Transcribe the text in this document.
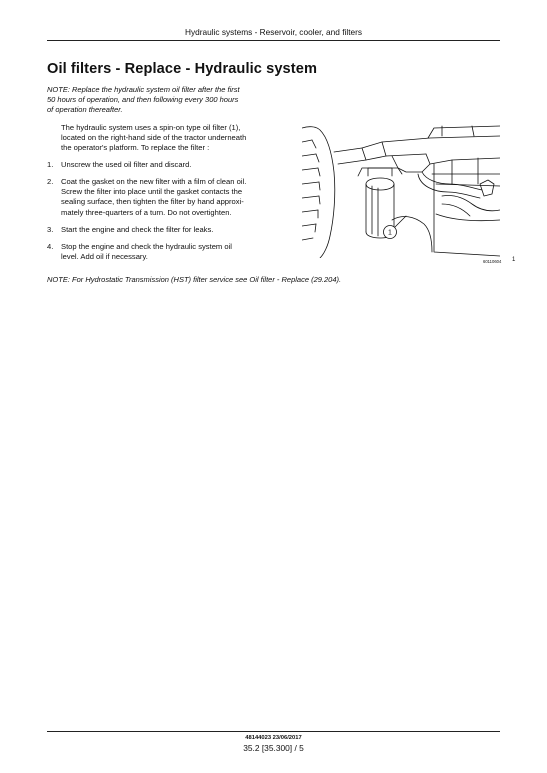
Hydraulic systems - Reservoir, cooler, and filters
Oil filters - Replace - Hydraulic system
NOTE: Replace the hydraulic system oil filter after the first
50 hours of operation, and then following every 300 hours
of operation thereafter.
The hydraulic system uses a spin-on type oil filter (1),
located on the right-hand side of the tractor underneath
the operator's platform. To replace the filter :
1. Unscrew the used oil filter and discard.
2. Coat the gasket on the new filter with a film of clean oil.
Screw the filter into place until the gasket contacts the
sealing surface, then tighten the filter by hand approxi-
mately three-quarters of a turn. Do not overtighten.
3. Start the engine and check the filter for leaks.
4. Stop the engine and check the hydraulic system oil
level. Add oil if necessary.
1
60110604 1
NOTE: For Hydrostatic Transmission (HST) filter service see Oil filter - Replace (29.204).
48144023 23/06/2017
35.2 [35.300] / 5
